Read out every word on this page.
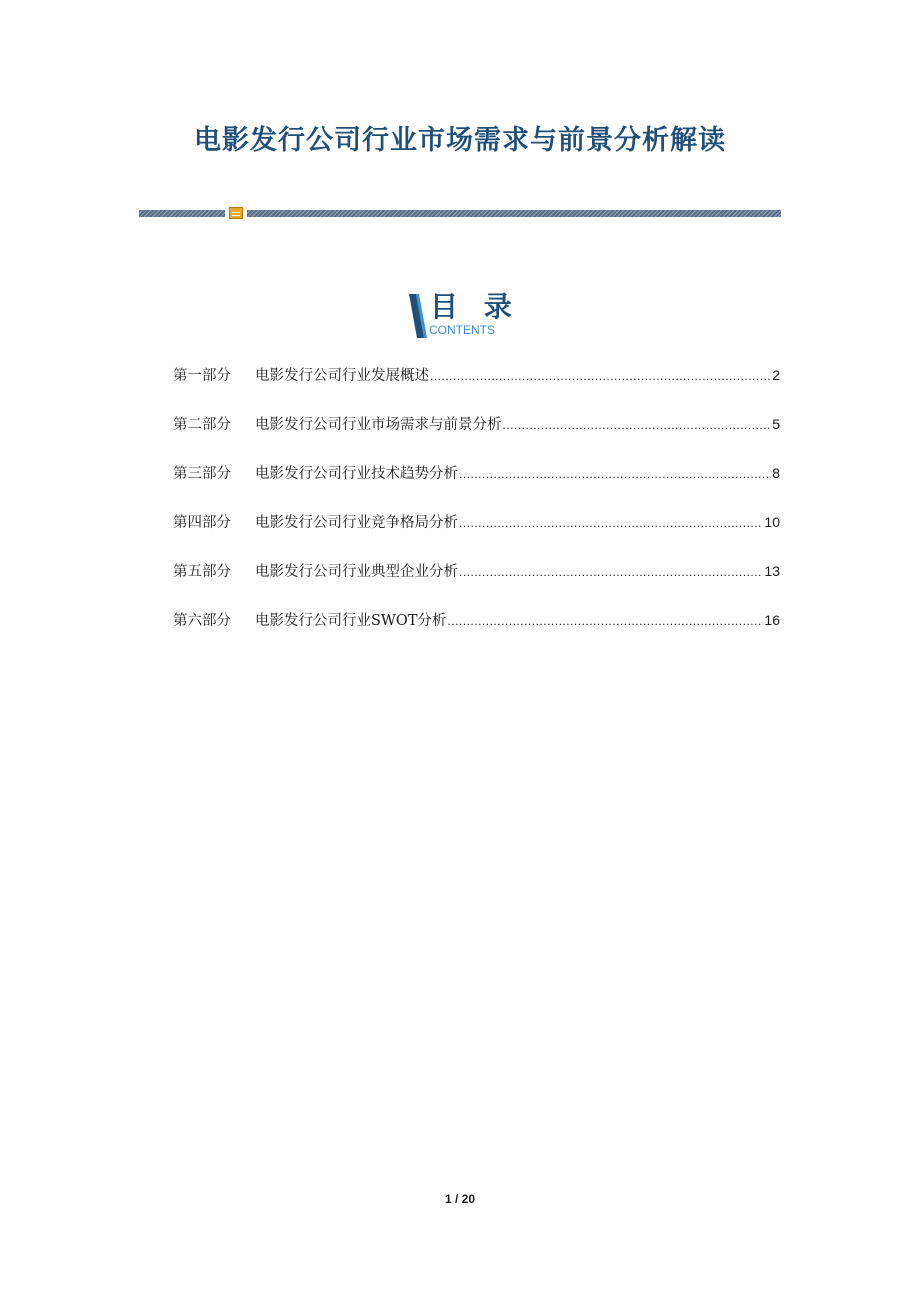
电影发行公司行业市场需求与前景分析解读
目 录
CONTENTS
第一部分	电影发行公司行业发展概述 .....	2
第二部分	电影发行公司行业市场需求与前景分析 .....	5
第三部分	电影发行公司行业技术趋势分析 .....	8
第四部分	电影发行公司行业竞争格局分析 .....	10
第五部分	电影发行公司行业典型企业分析 .....	13
第六部分	电影发行公司行业SWOT分析 .....	16
1 / 20
